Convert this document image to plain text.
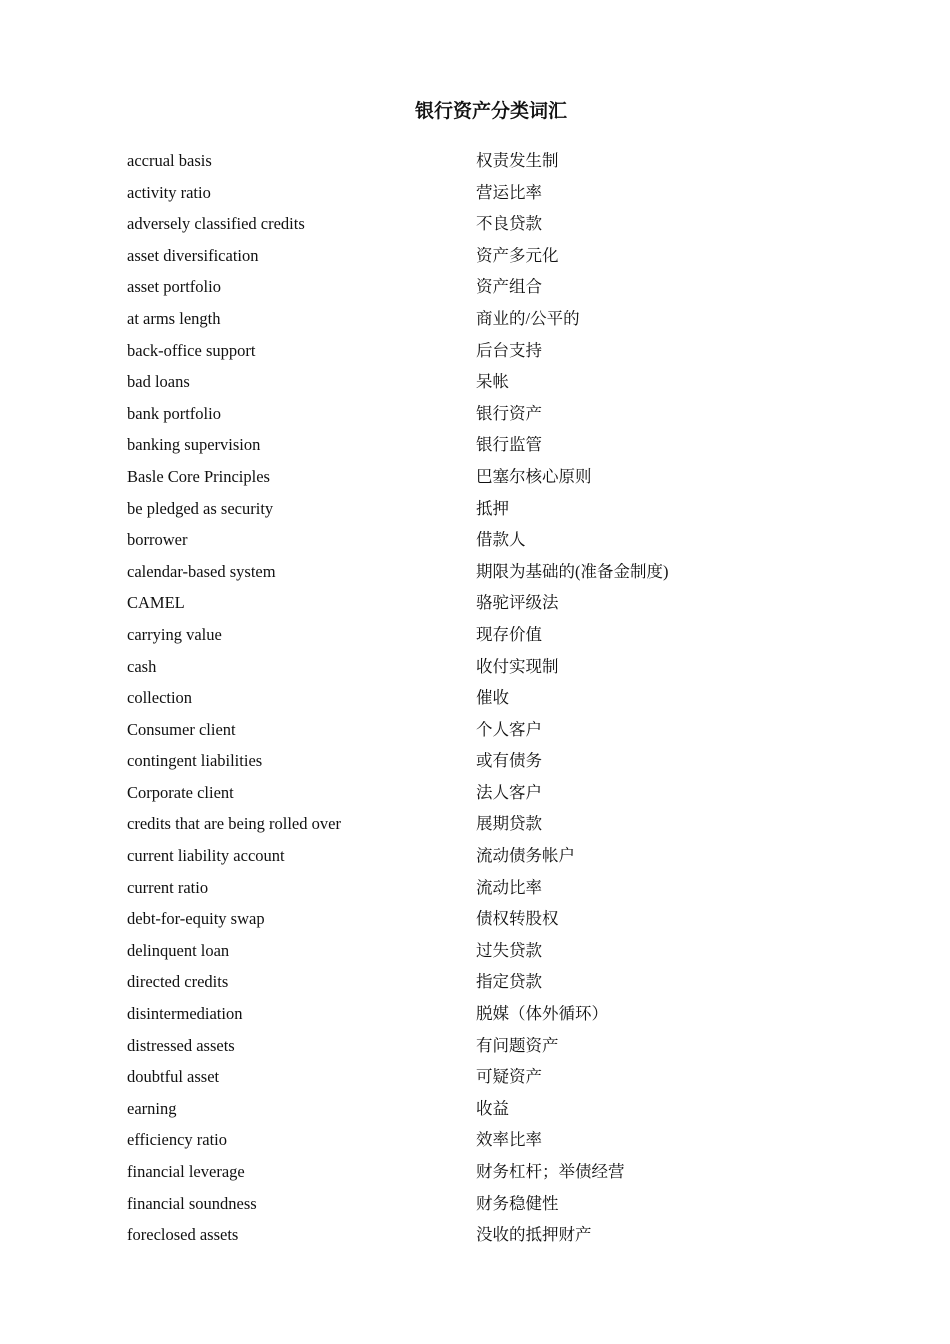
银行资产分类词汇
accrual basis	权责发生制
activity ratio	营运比率
adversely classified credits	不良贷款
asset diversification	资产多元化
asset portfolio	资产组合
at arms length	商业的/公平的
back-office support	后台支持
bad loans	呆帐
bank portfolio	银行资产
banking supervision	银行监管
Basle Core Principles	巴塞尔核心原则
be pledged as security	抵押
borrower	借款人
calendar-based system	期限为基础的(准备金制度)
CAMEL	骆驼评级法
carrying value	现存价值
cash	收付实现制
collection	催收
Consumer client	个人客户
contingent liabilities	或有债务
Corporate client	法人客户
credits that are being rolled over	展期贷款
current liability account	流动债务帐户
current ratio	流动比率
debt-for-equity swap	债权转股权
delinquent loan	过失贷款
directed credits	指定贷款
disintermediation	脱媒（体外循环）
distressed assets	有问题资产
doubtful asset	可疑资产
earning	收益
efficiency ratio	效率比率
financial leverage	财务杠杆；举债经营
financial soundness	财务稳健性
foreclosed assets	没收的抵押财产
